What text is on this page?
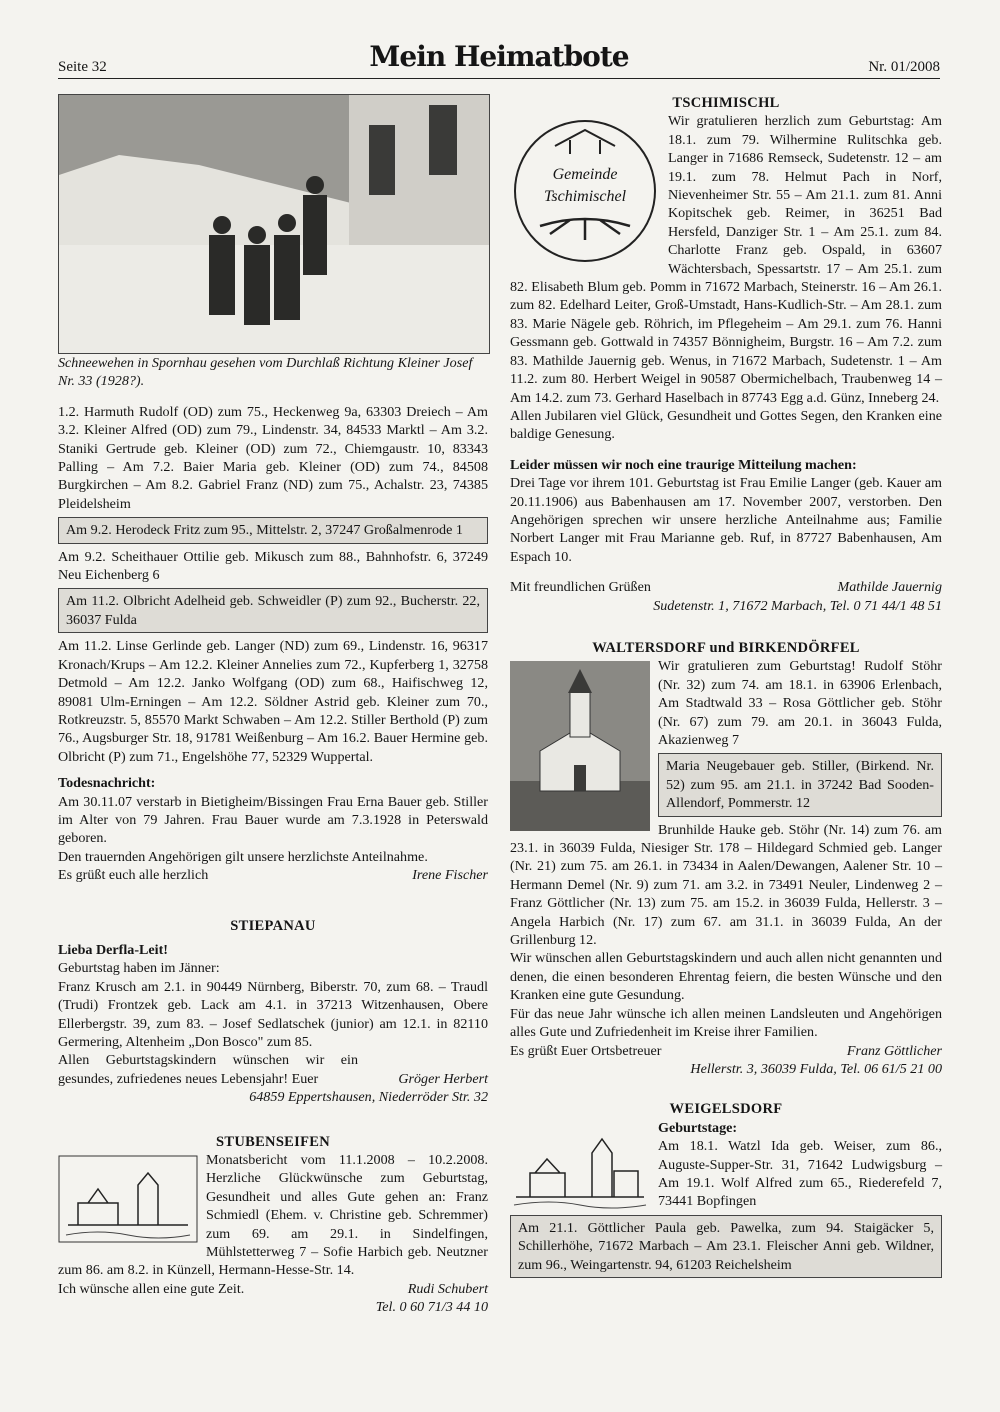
Seite 32	Mein Heimatbote	Nr. 01/2008

Schneewehen in Spornhau gesehen vom Durchlaß Richtung Kleiner Josef Nr. 33 (1928?).

1.2. Harmuth Rudolf (OD) zum 75., Heckenweg 9a, 63303 Dreiech – Am 3.2. Kleiner Alfred (OD) zum 79., Lindenstr. 34, 84533 Marktl – Am 3.2. Staniki Gertrude geb. Kleiner (OD) zum 72., Chiemgaustr. 10, 83343 Palling – Am 7.2. Baier Maria geb. Kleiner (OD) zum 74., 84508 Burgkirchen – Am 8.2. Gabriel Franz (ND) zum 75., Achalstr. 23, 74385 Pleidelsheim

Am 9.2. Herodeck Fritz zum 95., Mittelstr. 2, 37247 Großalmenrode 1

Am 9.2. Scheithauer Ottilie geb. Mikusch zum 88., Bahnhofstr. 6, 37249 Neu Eichenberg 6

Am 11.2. Olbricht Adelheid geb. Schweidler (P) zum 92., Bucherstr. 22, 36037 Fulda

Am 11.2. Linse Gerlinde geb. Langer (ND) zum 69., Lindenstr. 16, 96317 Kronach/Krups – Am 12.2. Kleiner Annelies zum 72., Kupferberg 1, 32758 Detmold – Am 12.2. Janko Wolfgang (OD) zum 68., Haifischweg 12, 89081 Ulm-Erningen – Am 12.2. Söldner Astrid geb. Kleiner zum 70., Rotkreuzstr. 5, 85570 Markt Schwaben – Am 12.2. Stiller Berthold (P) zum 76., Augsburger Str. 18, 91781 Weißenburg – Am 16.2. Bauer Hermine geb. Olbricht (P) zum 71., Engelshöhe 77, 52329 Wuppertal.

Todesnachricht:

Am 30.11.07 verstarb in Bietigheim/Bissingen Frau Erna Bauer geb. Stiller im Alter von 79 Jahren. Frau Bauer wurde am 7.3.1928 in Peterswald geboren.

Den trauernden Angehörigen gilt unsere herzlichste Anteilnahme.

Es grüßt euch alle herzlich	Irene Fischer

STIEPANAU

Lieba Derfla-Leit!

Geburtstag haben im Jänner:

Franz Krusch am 2.1. in 90449 Nürnberg, Biberstr. 70, zum 68. – Traudl (Trudi) Frontzek geb. Lack am 4.1. in 37213 Witzenhausen, Obere Ellerbergstr. 39, zum 83. – Josef Sedlatschek (junior) am 12.1. in 82110 Germering, Altenheim „Don Bosco" zum 85.

Allen Geburtstagskindern wünschen wir ein gesundes, zufriedenes neues Lebensjahr! Euer	Gröger Herbert

64859 Eppertshausen, Niederröder Str. 32

STUBENSEIFEN

Monatsbericht vom 11.1.2008 – 10.2.2008. Herzliche Glückwünsche zum Geburtstag, Gesundheit und alles Gute gehen an: Franz Schmiedl (Ehem. v. Christine geb. Schremmer) zum 69. am 29.1. in Sindelfingen, Mühlstetterweg 7 – Sofie Harbich geb. Neutzner zum 86. am 8.2. in Künzell, Hermann-Hesse-Str. 14.

Ich wünsche allen eine gute Zeit.	Rudi Schubert

Tel. 0 60 71/3 44 10

TSCHIMISCHL

Gemeinde
Tschimischel

Wir gratulieren herzlich zum Geburtstag: Am 18.1. zum 79. Wilhermine Rulitschka geb. Langer in 71686 Remseck, Sudetenstr. 12 – am 19.1. zum 78. Helmut Pach in Norf, Nievenheimer Str. 55 – Am 21.1. zum 81. Anni Kopitschek geb. Reimer, in 36251 Bad Hersfeld, Danziger Str. 1 – Am 25.1. zum 84. Charlotte Franz geb. Ospald, in 63607 Wächtersbach, Spessartstr. 17 – Am 25.1. zum 82. Elisabeth Blum geb. Pomm in 71672 Marbach, Steinerstr. 16 – Am 26.1. zum 82. Edelhard Leiter, Groß-Umstadt, Hans-Kudlich-Str. – Am 28.1. zum 83. Marie Nägele geb. Röhrich, im Pflegeheim – Am 29.1. zum 76. Hanni Gessmann geb. Gottwald in 74357 Bönnigheim, Burgstr. 16 – Am 7.2. zum 83. Mathilde Jauernig geb. Wenus, in 71672 Marbach, Sudetenstr. 1 – Am 11.2. zum 80. Herbert Weigel in 90587 Obermichelbach, Traubenweg 14 – Am 14.2. zum 73. Gerhard Haselbach in 87743 Egg a.d. Günz, Inneberg 24.

Allen Jubilaren viel Glück, Gesundheit und Gottes Segen, den Kranken eine baldige Genesung.

Leider müssen wir noch eine traurige Mitteilung machen:

Drei Tage vor ihrem 101. Geburtstag ist Frau Emilie Langer (geb. Kauer am 20.11.1906) aus Babenhausen am 17. November 2007, verstorben. Den Angehörigen sprechen wir unsere herzliche Anteilnahme aus; Familie Norbert Langer mit Frau Marianne geb. Ruf, in 87727 Babenhausen, Am Espach 10.

Mit freundlichen Grüßen	Mathilde Jauernig

Sudetenstr. 1, 71672 Marbach, Tel. 0 71 44/1 48 51

WALTERSDORF und BIRKENDÖRFEL

Wir gratulieren zum Geburtstag! Rudolf Stöhr (Nr. 32) zum 74. am 18.1. in 63906 Erlenbach, Am Stadtwald 33 – Rosa Göttlicher geb. Stöhr (Nr. 67) zum 79. am 20.1. in 36043 Fulda, Akazienweg 7

Maria Neugebauer geb. Stiller, (Birkend. Nr. 52) zum 95. am 21.1. in 37242 Bad Sooden-Allendorf, Pommerstr. 12

Brunhilde Hauke geb. Stöhr (Nr. 14) zum 76. am 23.1. in 36039 Fulda, Niesiger Str. 178 – Hildegard Schmied geb. Langer (Nr. 21) zum 75. am 26.1. in 73434 in Aalen/Dewangen, Aalener Str. 10 – Hermann Demel (Nr. 9) zum 71. am 3.2. in 73491 Neuler, Lindenweg 2 – Franz Göttlicher (Nr. 13) zum 75. am 15.2. in 36039 Fulda, Hellerstr. 3 – Angela Harbich (Nr. 17) zum 67. am 31.1. in 36039 Fulda, An der Grillenburg 12.

Wir wünschen allen Geburtstagskindern und auch allen nicht genannten und denen, die einen besonderen Ehrentag feiern, die besten Wünsche und den Kranken eine gute Gesundung.

Für das neue Jahr wünsche ich allen meinen Landsleuten und Angehörigen alles Gute und Zufriedenheit im Kreise ihrer Familien.

Es grüßt Euer Ortsbetreuer	Franz Göttlicher

Hellerstr. 3, 36039 Fulda, Tel. 06 61/5 21 00

WEIGELSDORF

Geburtstage:

Am 18.1. Watzl Ida geb. Weiser, zum 86., Auguste-Supper-Str. 31, 71642 Ludwigsburg – Am 19.1. Wolf Alfred zum 65., Riederefeld 7, 73441 Bopfingen

Am 21.1. Göttlicher Paula geb. Pawelka, zum 94. Staigäcker 5, Schillerhöhe, 71672 Marbach – Am 23.1. Fleischer Anni geb. Wildner, zum 96., Weingartenstr. 94, 61203 Reichelsheim
